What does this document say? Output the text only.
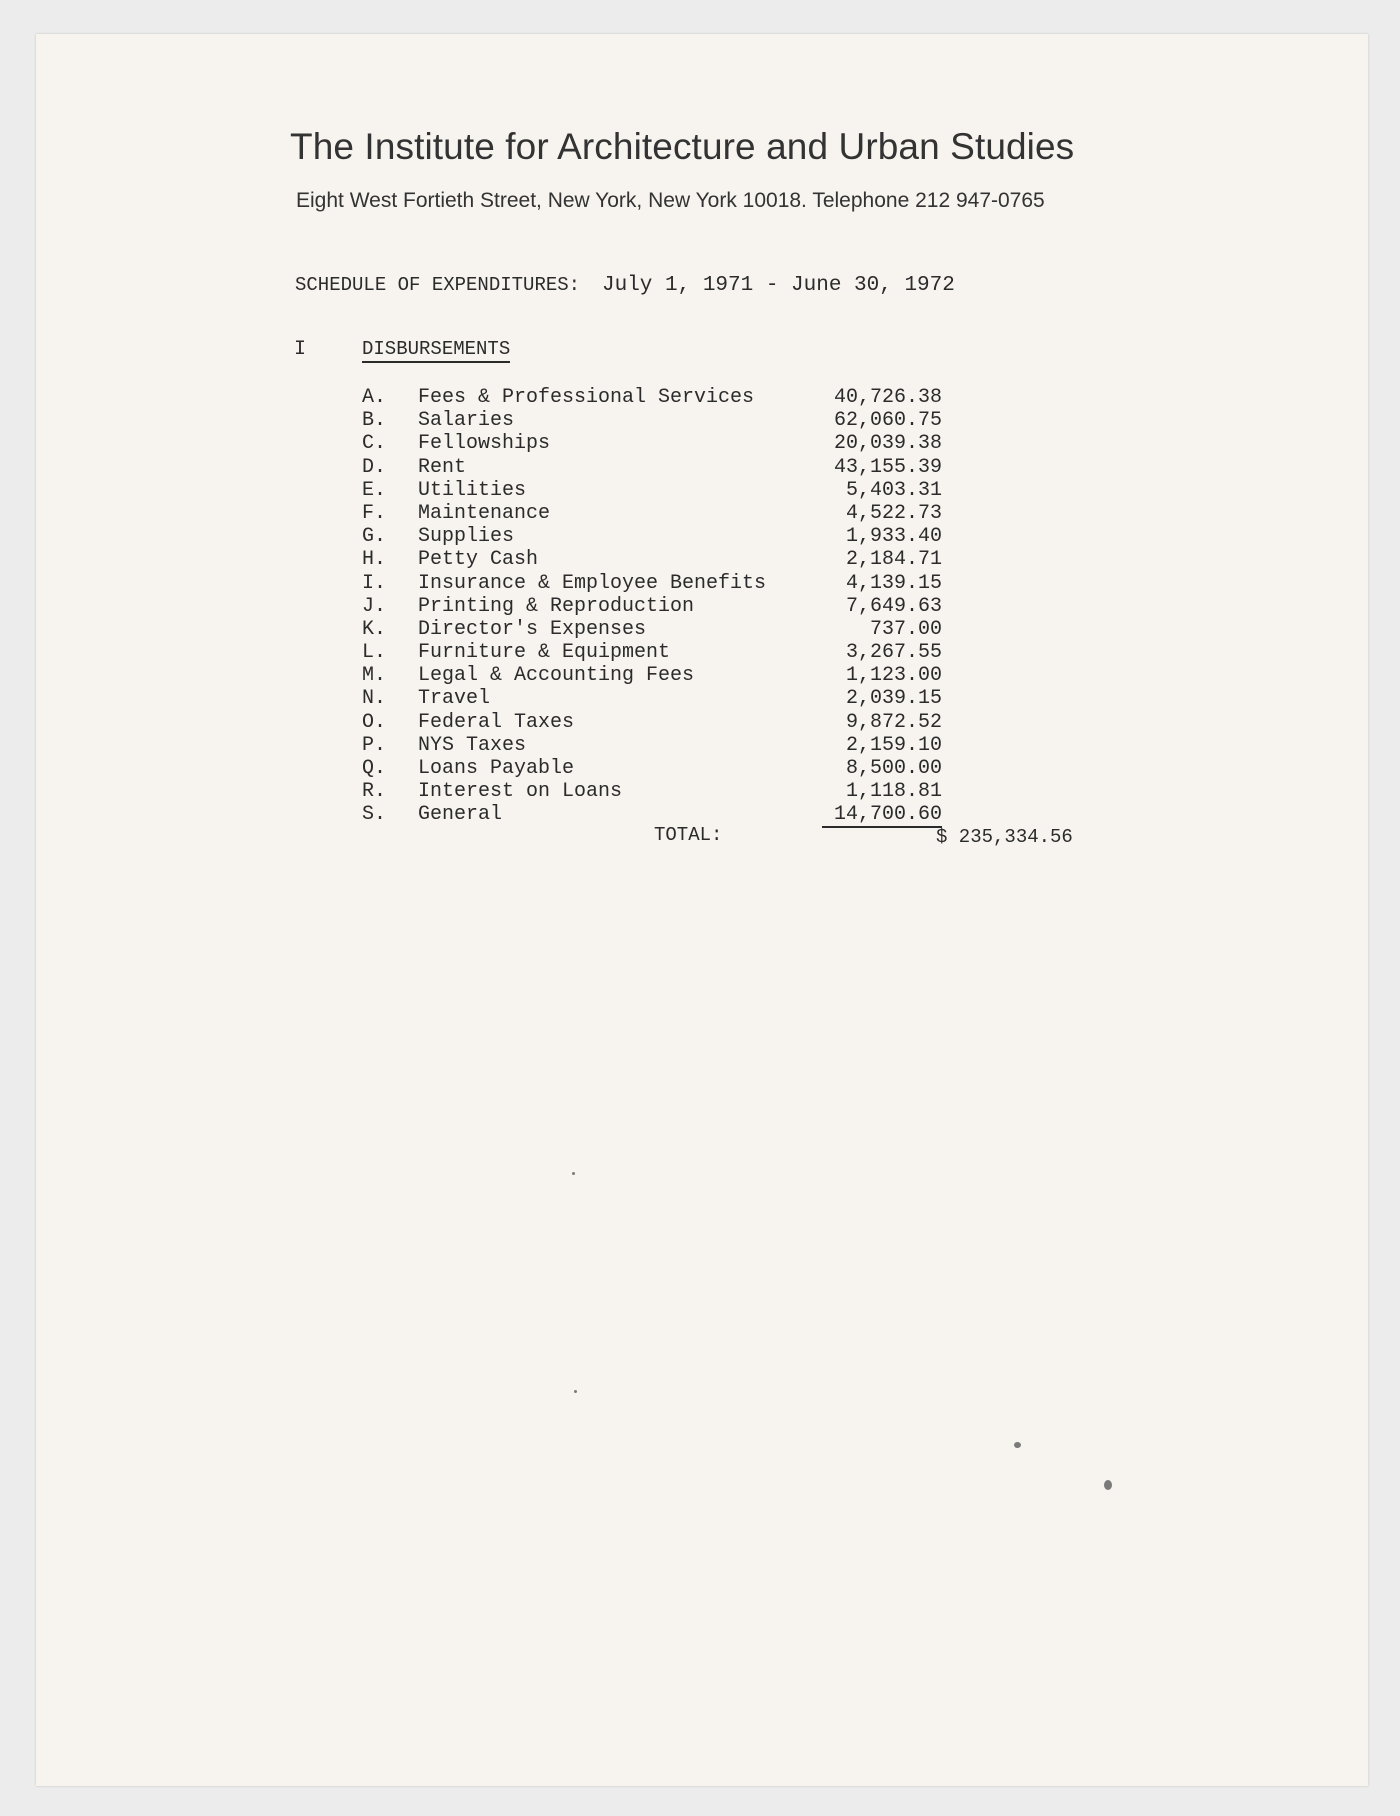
The Institute for Architecture and Urban Studies
Eight West Fortieth Street, New York, New York 10018. Telephone 212 947-0765
SCHEDULE OF EXPENDITURES: July 1, 1971 - June 30, 1972
I	DISBURSEMENTS
A. Fees & Professional Services	40,726.38
B. Salaries	62,060.75
C. Fellowships	20,039.38
D. Rent	43,155.39
E. Utilities	5,403.31
F. Maintenance	4,522.73
G. Supplies	1,933.40
H. Petty Cash	2,184.71
I. Insurance & Employee Benefits	4,139.15
J. Printing & Reproduction	7,649.63
K. Director's Expenses	737.00
L. Furniture & Equipment	3,267.55
M. Legal & Accounting Fees	1,123.00
N. Travel	2,039.15
O. Federal Taxes	9,872.52
P. NYS Taxes	2,159.10
Q. Loans Payable	8,500.00
R. Interest on Loans	1,118.81
S. General	14,700.60
TOTAL:	$ 235,334.56
